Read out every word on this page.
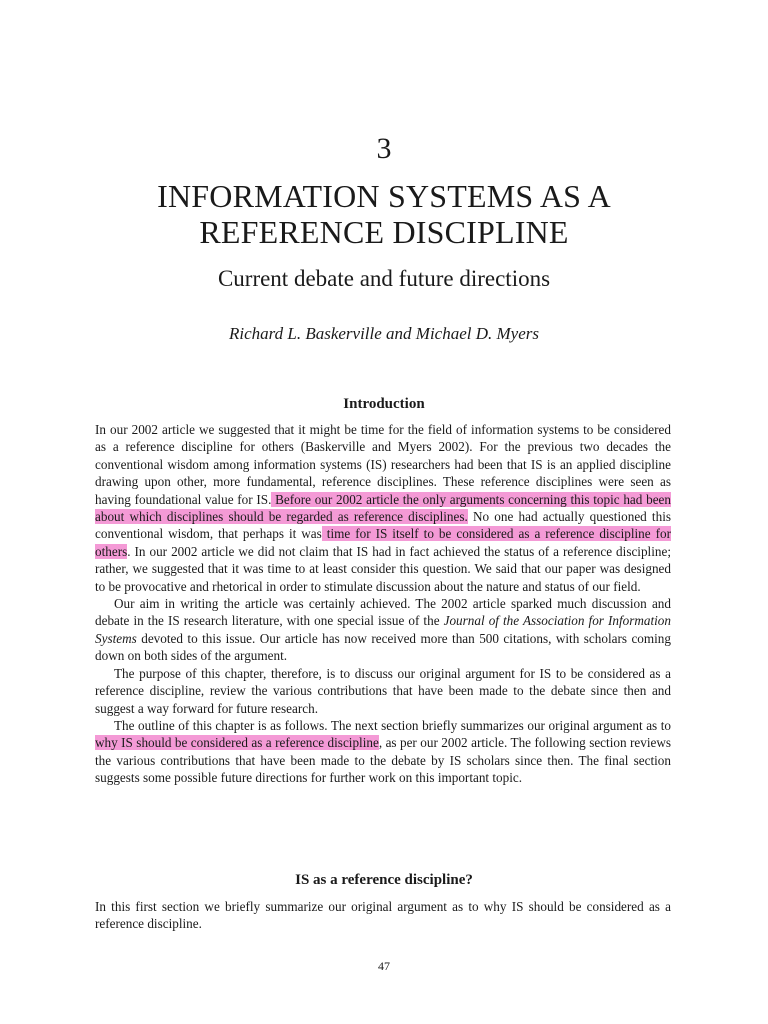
3
INFORMATION SYSTEMS AS A
REFERENCE DISCIPLINE
Current debate and future directions
Richard L. Baskerville and Michael D. Myers
Introduction

In our 2002 article we suggested that it might be time for the field of information systems to be considered as a reference discipline for others (Baskerville and Myers 2002). For the previous two decades the conventional wisdom among information systems (IS) researchers had been that IS is an applied discipline drawing upon other, more fundamental, reference disciplines. These reference disciplines were seen as having foundational value for IS. Before our 2002 article the only arguments concerning this topic had been about which disciplines should be regarded as reference disciplines. No one had actually questioned this conventional wisdom, that perhaps it was time for IS itself to be considered as a reference discipline for others. In our 2002 article we did not claim that IS had in fact achieved the status of a reference discipline; rather, we suggested that it was time to at least consider this question. We said that our paper was designed to be provocative and rhetorical in order to stimulate discussion about the nature and status of our field.

Our aim in writing the article was certainly achieved. The 2002 article sparked much discussion and debate in the IS research literature, with one special issue of the Journal of the Association for Information Systems devoted to this issue. Our article has now received more than 500 citations, with scholars coming down on both sides of the argument.

The purpose of this chapter, therefore, is to discuss our original argument for IS to be considered as a reference discipline, review the various contributions that have been made to the debate since then and suggest a way forward for future research.

The outline of this chapter is as follows. The next section briefly summarizes our original argument as to why IS should be considered as a reference discipline, as per our 2002 article. The following section reviews the various contributions that have been made to the debate by IS scholars since then. The final section suggests some possible future directions for further work on this important topic.

IS as a reference discipline?

In this first section we briefly summarize our original argument as to why IS should be considered as a reference discipline.

47
